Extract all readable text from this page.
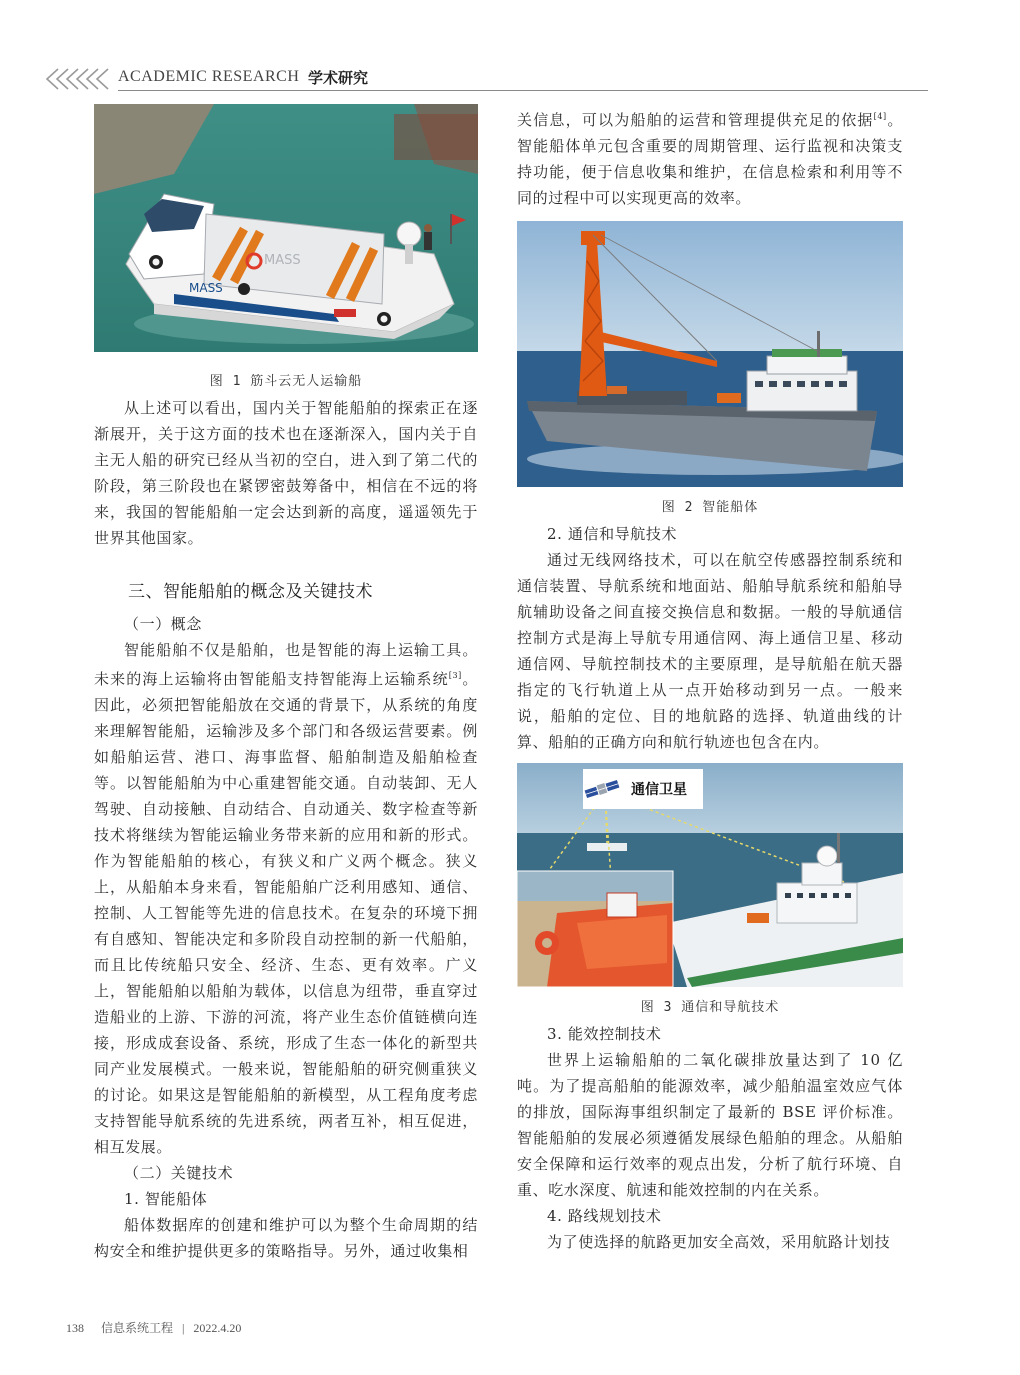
ACADEMIC RESEARCH 学术研究
MASS
MASS
图 1 筋斗云无人运输船

从上述可以看出，国内关于智能船舶的探索正在逐渐展开，关于这方面的技术也在逐渐深入，国内关于自主无人船的研究已经从当初的空白，进入到了第二代的阶段，第三阶段也在紧锣密鼓筹备中，相信在不远的将来，我国的智能船舶一定会达到新的高度，遥遥领先于世界其他国家。

三、智能船舶的概念及关键技术

（一）概念

智能船舶不仅是船舶，也是智能的海上运输工具。未来的海上运输将由智能船支持智能海上运输系统[3]。因此，必须把智能船放在交通的背景下，从系统的角度来理解智能船，运输涉及多个部门和各级运营要素。例如船舶运营、港口、海事监督、船舶制造及船舶检查等。以智能船舶为中心重建智能交通。自动装卸、无人驾驶、自动接触、自动结合、自动通关、数字检查等新技术将继续为智能运输业务带来新的应用和新的形式。作为智能船舶的核心，有狭义和广义两个概念。狭义上，从船舶本身来看，智能船舶广泛利用感知、通信、控制、人工智能等先进的信息技术。在复杂的环境下拥有自感知、智能决定和多阶段自动控制的新一代船舶，而且比传统船只安全、经济、生态、更有效率。广义上，智能船舶以船舶为载体，以信息为纽带，垂直穿过造船业的上游、下游的河流，将产业生态价值链横向连接，形成成套设备、系统，形成了生态一体化的新型共同产业发展模式。一般来说，智能船舶的研究侧重狭义的讨论。如果这是智能船舶的新模型，从工程角度考虑支持智能导航系统的先进系统，两者互补，相互促进，相互发展。

（二）关键技术

1. 智能船体

船体数据库的创建和维护可以为整个生命周期的结构安全和维护提供更多的策略指导。另外，通过收集相

关信息，可以为船舶的运营和管理提供充足的依据[4]。智能船体单元包含重要的周期管理、运行监视和决策支持功能，便于信息收集和维护，在信息检索和利用等不同的过程中可以实现更高的效率。

图 2 智能船体

2. 通信和导航技术

通过无线网络技术，可以在航空传感器控制系统和通信装置、导航系统和地面站、船舶导航系统和船舶导航辅助设备之间直接交换信息和数据。一般的导航通信控制方式是海上导航专用通信网、海上通信卫星、移动通信网、导航控制技术的主要原理，是导航船在航天器指定的飞行轨道上从一点开始移动到另一点。一般来说，船舶的定位、目的地航路的选择、轨道曲线的计算、船舶的正确方向和航行轨迹也包含在内。

通信卫星
图 3 通信和导航技术

3. 能效控制技术

世界上运输船舶的二氧化碳排放量达到了 10 亿吨。为了提高船舶的能源效率，减少船舶温室效应气体的排放，国际海事组织制定了最新的 BSE 评价标准。智能船舶的发展必须遵循发展绿色船舶的理念。从船舶安全保障和运行效率的观点出发，分析了航行环境、自重、吃水深度、航速和能效控制的内在关系。

4. 路线规划技术

为了使选择的航路更加安全高效，采用航路计划技

138 信息系统工程 | 2022.4.20
